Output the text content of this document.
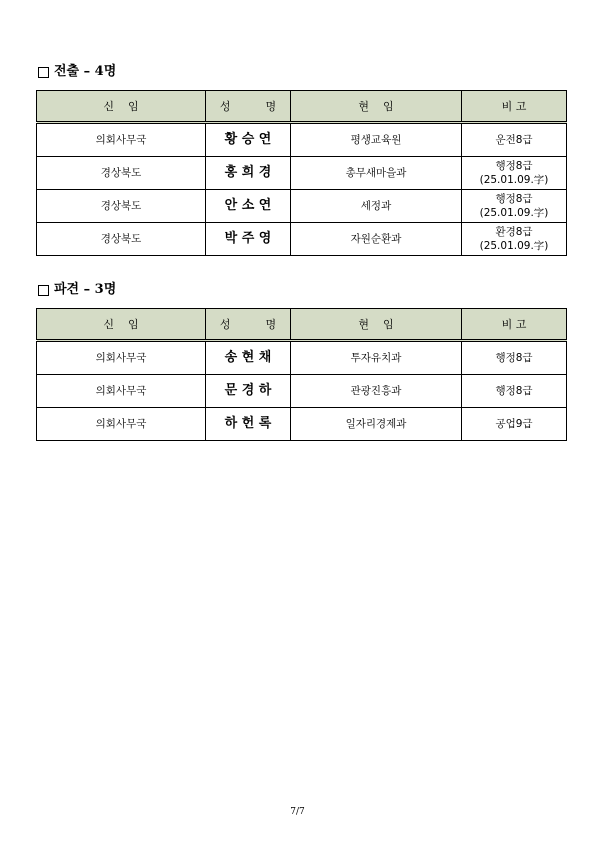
전출 – 4명
신    임	성          명	현    임	비 고
의회사무국	황 승 연	평생교육원	운전8급

경상북도	홍 희 경	총무새마을과	행정8급
(25.01.09.字)

경상북도	안 소 연	세정과	행정8급
(25.01.09.字)

경상북도	박 주 영	자원순환과	환경8급
(25.01.09.字)
파견 – 3명
신    임	성          명	현    임	비 고
의회사무국	송 현 채	투자유치과	행정8급
의회사무국	문 경 하	관광진흥과	행정8급
의회사무국	하 헌 록	일자리경제과	공업9급
7/7
